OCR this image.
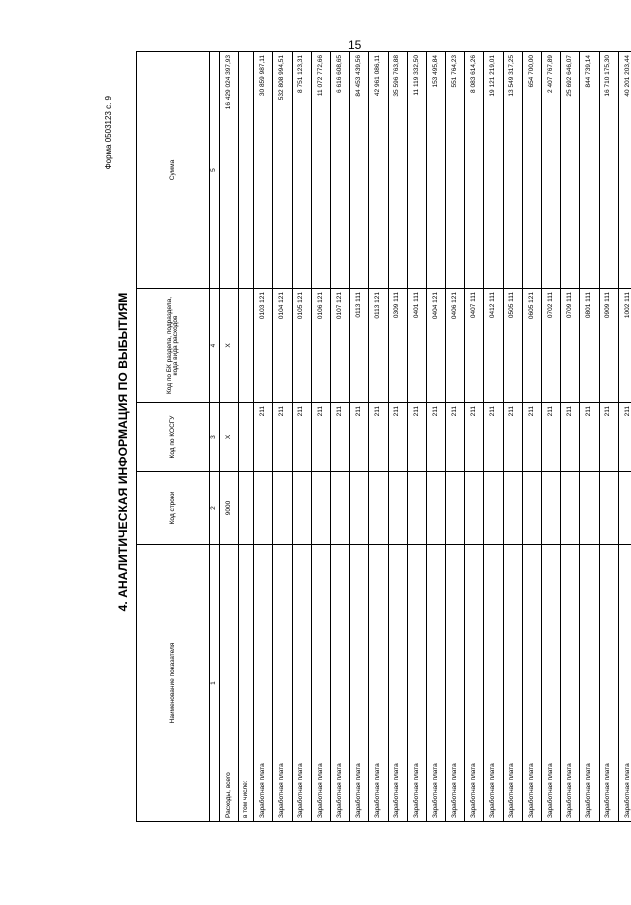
15
Форма 0503123 с. 9
4. АНАЛИТИЧЕСКАЯ ИНФОРМАЦИЯ ПО ВЫБЫТИЯМ
Наименование показателя	Код строки	Код по КОСГУ	Код по БК раздела, подраздела, кода вида расходов	Сумма
1	2	3	4	5
Расходы, всего	9000	X	X	16 429 024 397,93
в том числе:				
Заработная плата		211	0103 121	30 859 987,11
Заработная плата		211	0104 121	532 808 994,51
Заработная плата		211	0105 121	8 751 123,31
Заработная плата		211	0106 121	11 072 772,66
Заработная плата		211	0107 121	6 616 608,65
Заработная плата		211	0113 111	84 453 439,56
Заработная плата		211	0113 121	42 961 086,11
Заработная плата		211	0309 111	35 596 763,88
Заработная плата		211	0401 111	11 119 332,50
Заработная плата		211	0404 121	153 495,84
Заработная плата		211	0406 121	551 764,23
Заработная плата		211	0407 111	8 083 614,26
Заработная плата		211	0412 111	19 121 219,01
Заработная плата		211	0505 111	13 549 317,25
Заработная плата		211	0605 121	654 700,00
Заработная плата		211	0702 111	2 407 767,89
Заработная плата		211	0709 111	25 692 646,07
Заработная плата		211	0801 111	844 739,14
Заработная плата		211	0909 111	16 710 175,30
Заработная плата		211	1002 111	40 201 203,44
